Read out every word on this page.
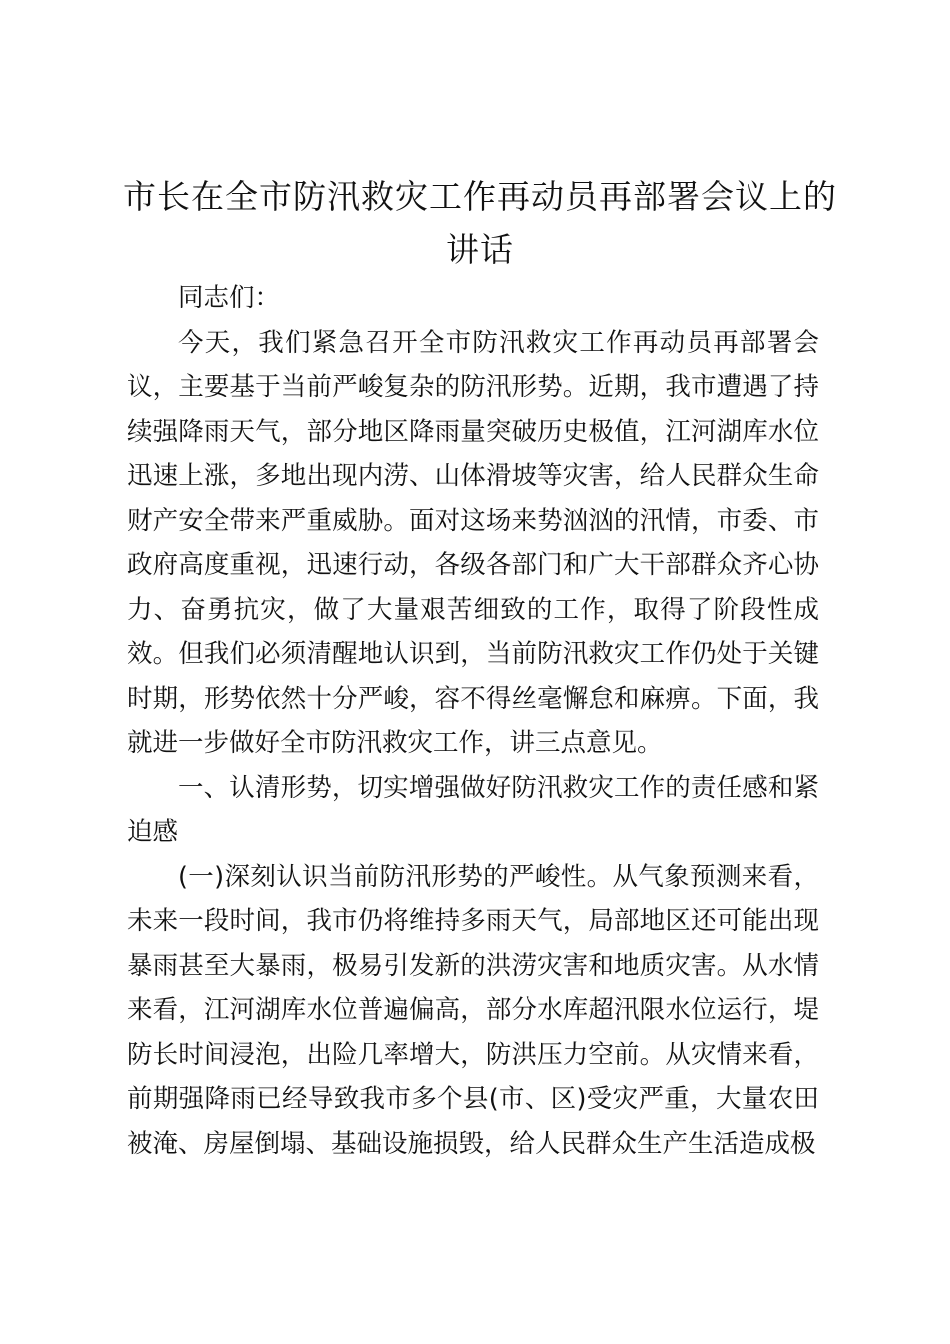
市长在全市防汛救灾工作再动员再部署会议上的讲话

同志们：

今天，我们紧急召开全市防汛救灾工作再动员再部署会议，主要基于当前严峻复杂的防汛形势。近期，我市遭遇了持续强降雨天气，部分地区降雨量突破历史极值，江河湖库水位迅速上涨，多地出现内涝、山体滑坡等灾害，给人民群众生命财产安全带来严重威胁。面对这场来势汹汹的汛情，市委、市政府高度重视，迅速行动，各级各部门和广大干部群众齐心协力、奋勇抗灾，做了大量艰苦细致的工作，取得了阶段性成效。但我们必须清醒地认识到，当前防汛救灾工作仍处于关键时期，形势依然十分严峻，容不得丝毫懈怠和麻痹。下面，我就进一步做好全市防汛救灾工作，讲三点意见。

一、认清形势，切实增强做好防汛救灾工作的责任感和紧迫感

(一)深刻认识当前防汛形势的严峻性。从气象预测来看，未来一段时间，我市仍将维持多雨天气，局部地区还可能出现暴雨甚至大暴雨，极易引发新的洪涝灾害和地质灾害。从水情来看，江河湖库水位普遍偏高，部分水库超汛限水位运行，堤防长时间浸泡，出险几率增大，防洪压力空前。从灾情来看，前期强降雨已经导致我市多个县(市、区)受灾严重，大量农田被淹、房屋倒塌、基础设施损毁，给人民群众生产生活造成极
